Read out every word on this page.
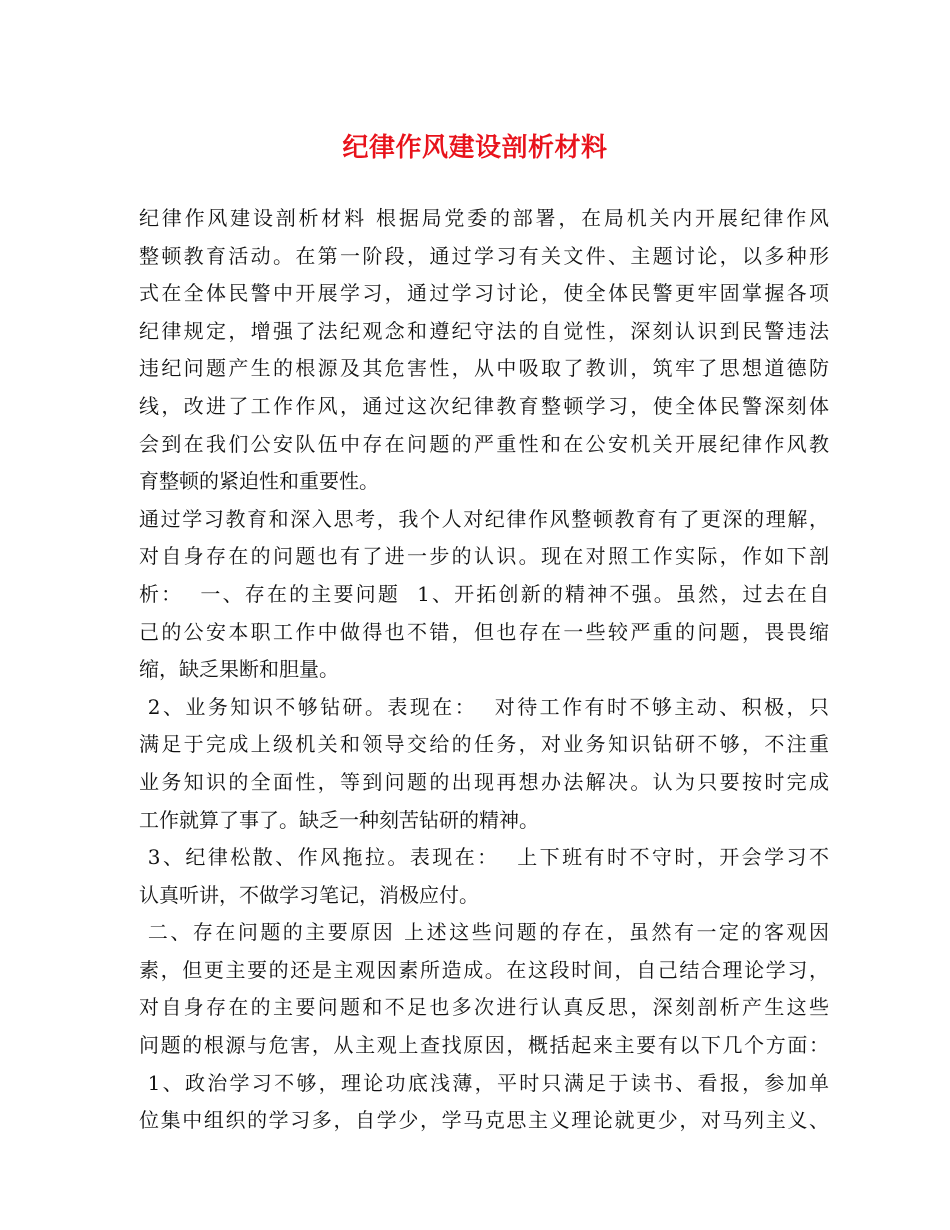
纪律作风建设剖析材料
纪律作风建设剖析材料 根据局党委的部署，在局机关内开展纪律作风
整顿教育活动。在第一阶段，通过学习有关文件、主题讨论，以多种形
式在全体民警中开展学习，通过学习讨论，使全体民警更牢固掌握各项
纪律规定，增强了法纪观念和遵纪守法的自觉性，深刻认识到民警违法
违纪问题产生的根源及其危害性，从中吸取了教训，筑牢了思想道德防
线，改进了工作作风，通过这次纪律教育整顿学习，使全体民警深刻体
会到在我们公安队伍中存在问题的严重性和在公安机关开展纪律作风教
育整顿的紧迫性和重要性。
通过学习教育和深入思考，我个人对纪律作风整顿教育有了更深的理解，
对自身存在的问题也有了进一步的认识。现在对照工作实际，作如下剖
析：  一、存在的主要问题  1、开拓创新的精神不强。虽然，过去在自
己的公安本职工作中做得也不错，但也存在一些较严重的问题，畏畏缩
缩，缺乏果断和胆量。
2、业务知识不够钻研。表现在：  对待工作有时不够主动、积极，只
满足于完成上级机关和领导交给的任务，对业务知识钻研不够，不注重
业务知识的全面性，等到问题的出现再想办法解决。认为只要按时完成
工作就算了事了。缺乏一种刻苦钻研的精神。
3、纪律松散、作风拖拉。表现在：  上下班有时不守时，开会学习不
认真听讲，不做学习笔记，消极应付。
二、存在问题的主要原因 上述这些问题的存在，虽然有一定的客观因
素，但更主要的还是主观因素所造成。在这段时间，自己结合理论学习，
对自身存在的主要问题和不足也多次进行认真反思，深刻剖析产生这些
问题的根源与危害，从主观上查找原因，概括起来主要有以下几个方面：
1、政治学习不够，理论功底浅薄，平时只满足于读书、看报，参加单
位集中组织的学习多，自学少，学马克思主义理论就更少，对马列主义、
